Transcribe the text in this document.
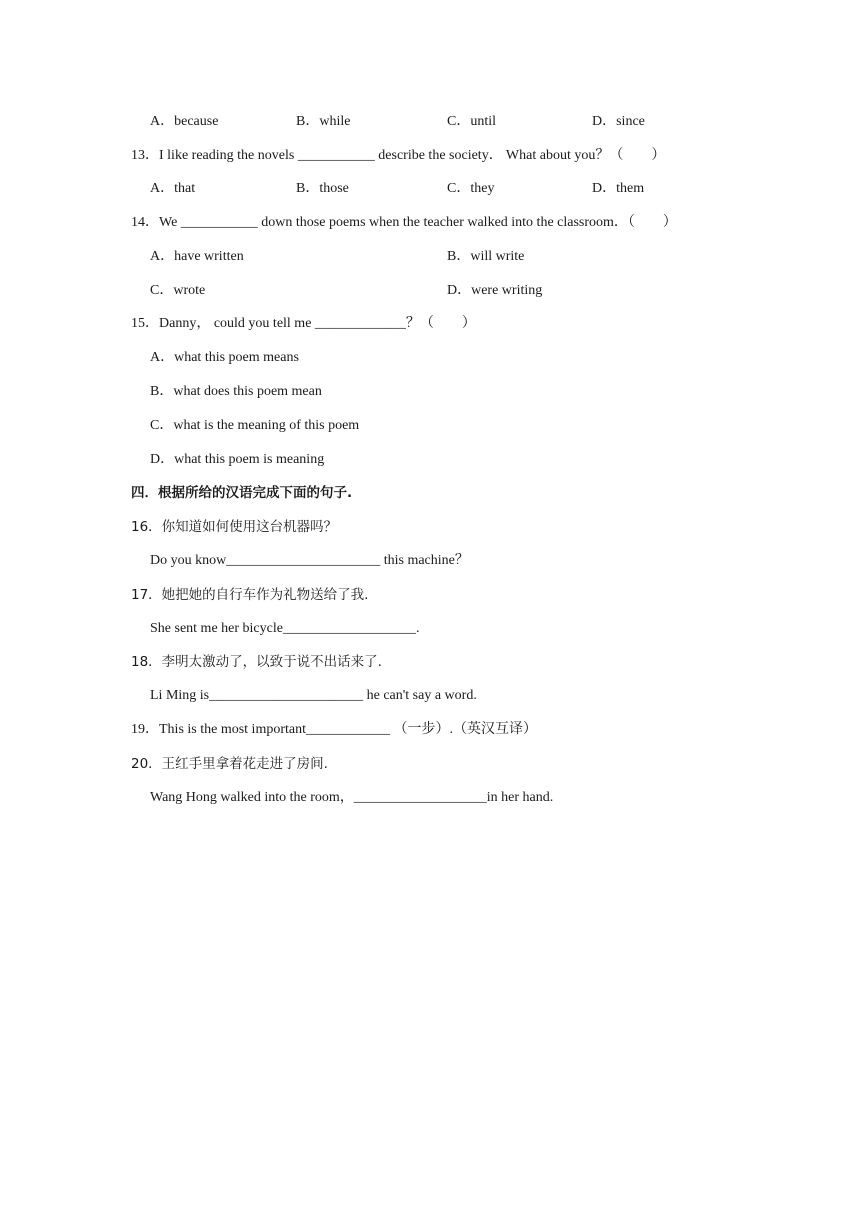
A．because	B．while	C．until	D．since
13．I like reading the novels ___________ describe the society． What about you？（　　）
A．that	B．those	C．they	D．them
14．We ___________ down those poems when the teacher walked into the classroom．（　　）
A．have written	B．will write
C．wrote	D．were writing
15．Danny， could you tell me _____________？（　　）
A．what this poem means
B．what does this poem mean
C．what is the meaning of this poem
D．what this poem is meaning
四．根据所给的汉语完成下面的句子.
16．你知道如何使用这台机器吗？
Do you know______________________ this machine？
17．她把她的自行车作为礼物送给了我.
She sent me her bicycle___________________.
18．李明太激动了，以致于说不出话来了.
Li Ming is______________________ he can't say a word.
19．This is the most important____________ （一步）.（英汉互译）
20．王红手里拿着花走进了房间.
Wang Hong walked into the room，___________________in her hand.
